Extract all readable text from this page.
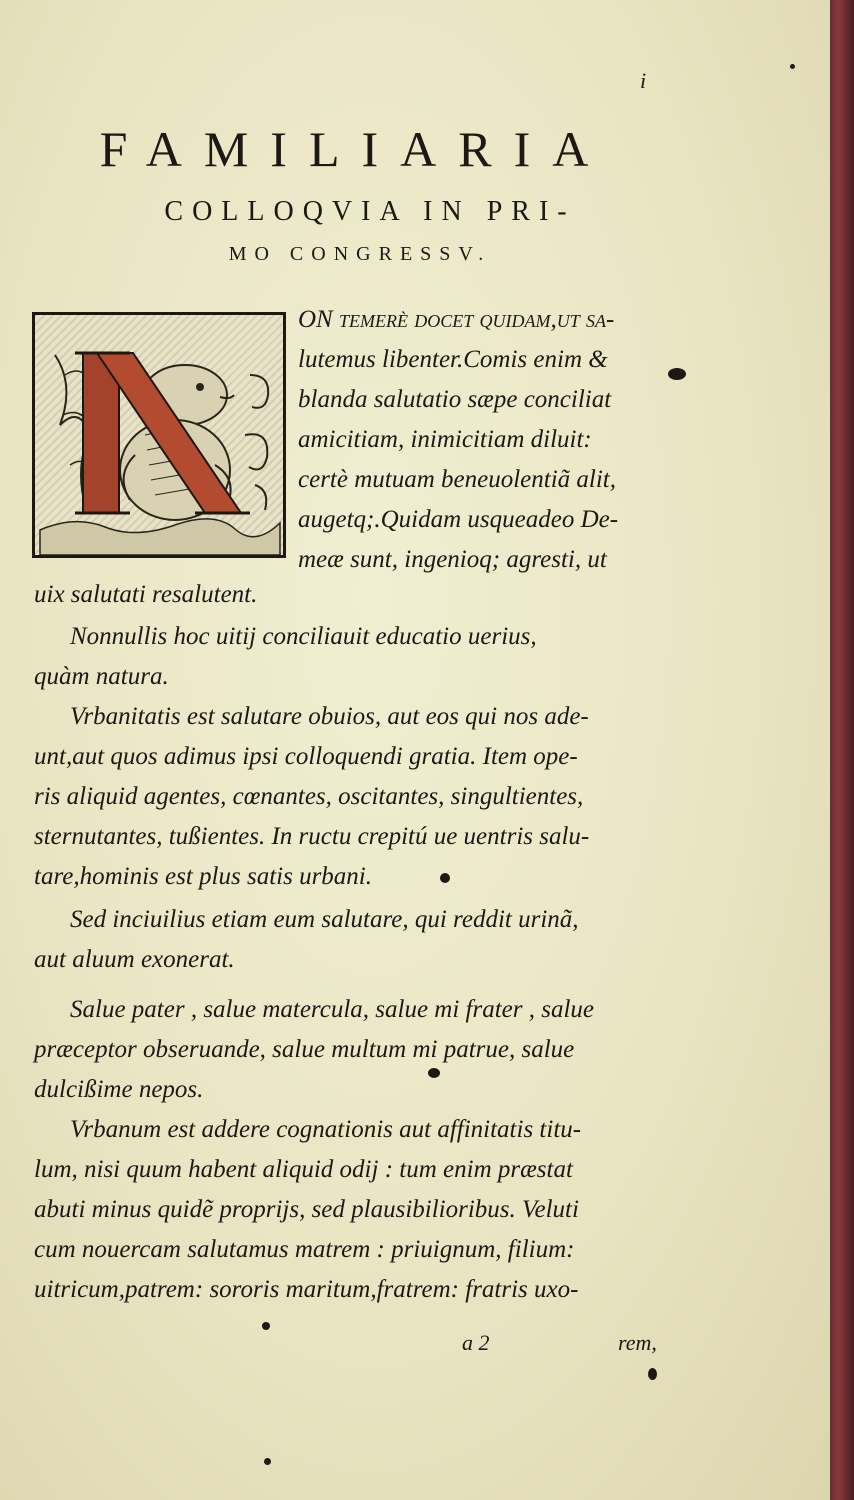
i
FAMILIARIA
COLLOQVIA IN PRI-
MO CONGRESSV.
ON temerè docet quidam,ut sa-
lutemus libenter.Comis enim &
blanda salutatio sæpe conciliat
amicitiam, inimicitiam diluit:
certè mutuam beneuolentiã alit,
augetq;.Quidam usqueadeo De-
meæ sunt, ingenioq; agresti, ut
uix salutati resalutent.
Nonnullis hoc uitij conciliauit educatio uerius,
quàm natura.
Vrbanitatis est salutare obuios, aut eos qui nos ade-
unt,aut quos adimus ipsi colloquendi gratia. Item ope-
ris aliquid agentes, cœnantes, oscitantes, singultientes,
sternutantes, tußientes. In ructu crepitú ue uentris salu-
tare,hominis est plus satis urbani.
Sed inciuilius etiam eum salutare, qui reddit urinã,
aut aluum exonerat.
Salue pater , salue matercula, salue mi frater , salue
præceptor obseruande, salue multum mi patrue, salue
dulcißime nepos.
Vrbanum est addere cognationis aut affinitatis titu-
lum, nisi quum habent aliquid odij : tum enim præstat
abuti minus quidẽ proprijs, sed plausibilioribus. Veluti
cum nouercam salutamus matrem : priuignum, filium:
uitricum,patrem: sororis maritum,fratrem: fratris uxo-
a 2	rem,
